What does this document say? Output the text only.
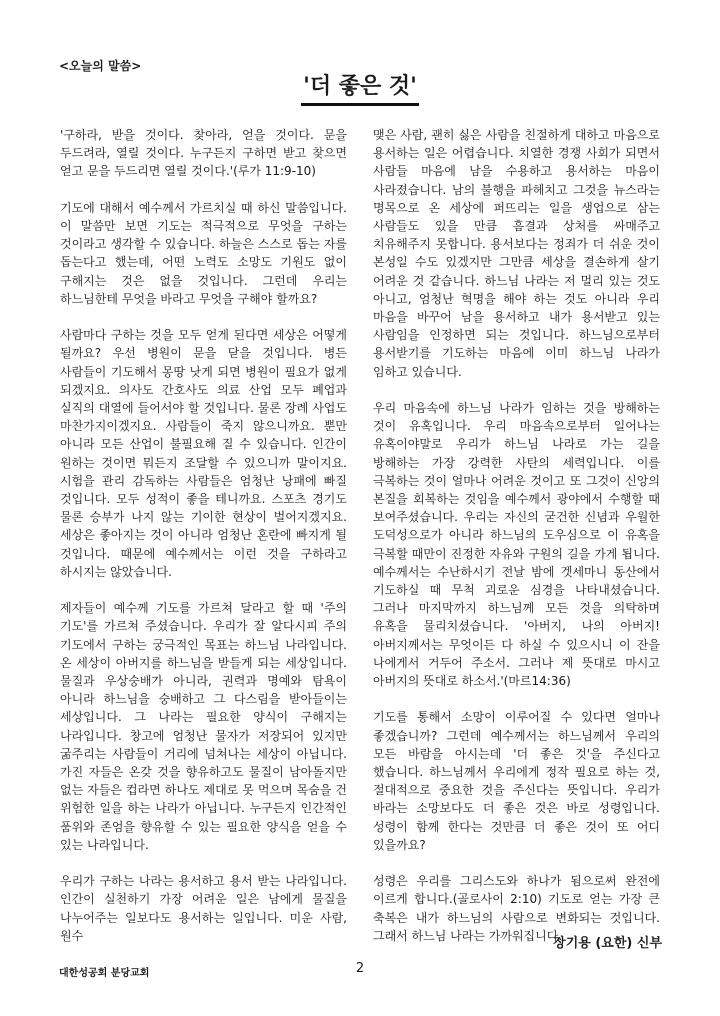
<오늘의 말씀>
'더 좋은 것'

'구하라, 받을 것이다. 찾아라, 얻을 것이다. 문을 두드려라, 열릴 것이다. 누구든지 구하면 받고 찾으면 얻고 문을 두드리면 열릴 것이다.'(루가 11:9-10)

기도에 대해서 예수께서 가르치실 때 하신 말씀입니다. 이 말씀만 보면 기도는 적극적으로 무엇을 구하는 것이라고 생각할 수 있습니다. 하늘은 스스로 돕는 자를 돕는다고 했는데, 어떤 노력도 소망도 기원도 없이 구해지는 것은 없을 것입니다. 그런데 우리는 하느님한테 무엇을 바라고 무엇을 구해야 할까요?

사람마다 구하는 것을 모두 얻게 된다면 세상은 어떻게 될까요? 우선 병원이 문을 닫을 것입니다. 병든 사람들이 기도해서 몽땅 낫게 되면 병원이 필요가 없게 되겠지요. 의사도 간호사도 의료 산업 모두 폐업과 실직의 대열에 들어서야 할 것입니다. 물론 장례 사업도 마찬가지이겠지요. 사람들이 죽지 않으니까요. 뿐만 아니라 모든 산업이 불필요해 질 수 있습니다. 인간이 원하는 것이면 뭐든지 조달할 수 있으니까 말이지요. 시험을 관리 감독하는 사람들은 엄청난 낭패에 빠질 것입니다. 모두 성적이 좋을 테니까요. 스포츠 경기도 물론 승부가 나지 않는 기이한 현상이 벌어지겠지요. 세상은 좋아지는 것이 아니라 엄청난 혼란에 빠지게 될 것입니다. 때문에 예수께서는 이런 것을 구하라고 하시지는 않았습니다.

제자들이 예수께 기도를 가르쳐 달라고 할 때 '주의 기도'를 가르쳐 주셨습니다. 우리가 잘 알다시피 주의 기도에서 구하는 궁극적인 목표는 하느님 나라입니다. 온 세상이 아버지를 하느님을 받들게 되는 세상입니다. 물질과 우상숭배가 아니라, 권력과 명예와 탐욕이 아니라 하느님을 숭배하고 그 다스림을 받아들이는 세상입니다. 그 나라는 필요한 양식이 구해지는 나라입니다. 창고에 엄청난 물자가 저장되어 있지만 굶주리는 사람들이 거리에 넘쳐나는 세상이 아닙니다. 가진 자들은 온갖 것을 향유하고도 물질이 남아돌지만 없는 자들은 컵라면 하나도 제대로 못 먹으며 목숨을 건 위험한 일을 하는 나라가 아닙니다. 누구든지 인간적인 품위와 존엄을 향유할 수 있는 필요한 양식을 얻을 수 있는 나라입니다.

우리가 구하는 나라는 용서하고 용서 받는 나라입니다. 인간이 실천하기 가장 어려운 일은 남에게 물질을 나누어주는 일보다도 용서하는 일입니다. 미운 사람, 원수

맺은 사람, 괜히 싫은 사람을 친절하게 대하고 마음으로 용서하는 일은 어렵습니다. 치열한 경쟁 사회가 되면서 사람들 마음에 남을 수용하고 용서하는 마음이 사라졌습니다. 남의 불행을 파헤치고 그것을 뉴스라는 명목으로 온 세상에 퍼뜨리는 일을 생업으로 삼는 사람들도 있을 만큼 흠결과 상처를 싸매주고 치유해주지 못합니다. 용서보다는 정죄가 더 쉬운 것이 본성일 수도 있겠지만 그만큼 세상을 결손하게 살기 어려운 것 같습니다. 하느님 나라는 저 멀리 있는 것도 아니고, 엄청난 혁명을 해야 하는 것도 아니라 우리 마음을 바꾸어 남을 용서하고 내가 용서받고 있는 사람임을 인정하면 되는 것입니다. 하느님으로부터 용서받기를 기도하는 마음에 이미 하느님 나라가 임하고 있습니다.

우리 마음속에 하느님 나라가 임하는 것을 방해하는 것이 유혹입니다. 우리 마음속으로부터 일어나는 유혹이야말로 우리가 하느님 나라로 가는 길을 방해하는 가장 강력한 사탄의 세력입니다. 이를 극복하는 것이 얼마나 어려운 것이고 또 그것이 신앙의 본질을 회복하는 것임을 예수께서 광야에서 수행할 때 보여주셨습니다. 우리는 자신의 굳건한 신념과 우월한 도덕성으로가 아니라 하느님의 도우심으로 이 유혹을 극복할 때만이 진정한 자유와 구원의 길을 가게 됩니다. 예수께서는 수난하시기 전날 밤에 겟세마니 동산에서 기도하실 때 무척 괴로운 심경을 나타내셨습니다. 그러나 마지막까지 하느님께 모든 것을 의탁하며 유혹을 물리치셨습니다. '아버지, 나의 아버지! 아버지께서는 무엇이든 다 하실 수 있으시니 이 잔을 나에게서 거두어 주소서. 그러나 제 뜻대로 마시고 아버지의 뜻대로 하소서.'(마르14:36)

기도를 통해서 소망이 이루어질 수 있다면 얼마나 좋겠습니까? 그런데 예수께서는 하느님께서 우리의 모든 바람을 아시는데 '더 좋은 것'을 주신다고 했습니다. 하느님께서 우리에게 정작 필요로 하는 것, 절대적으로 중요한 것을 주신다는 뜻입니다. 우리가 바라는 소망보다도 더 좋은 것은 바로 성령입니다. 성령이 함께 한다는 것만큼 더 좋은 것이 또 어디 있을까요?

성령은 우리를 그리스도와 하나가 됨으로써 완전에 이르게 합니다.(골로사이 2:10) 기도로 얻는 가장 큰 축복은 내가 하느님의 사람으로 변화되는 것입니다. 그래서 하느님 나라는 가까워집니다.

장기용 (요한) 신부
대한성공회 분당교회	2
